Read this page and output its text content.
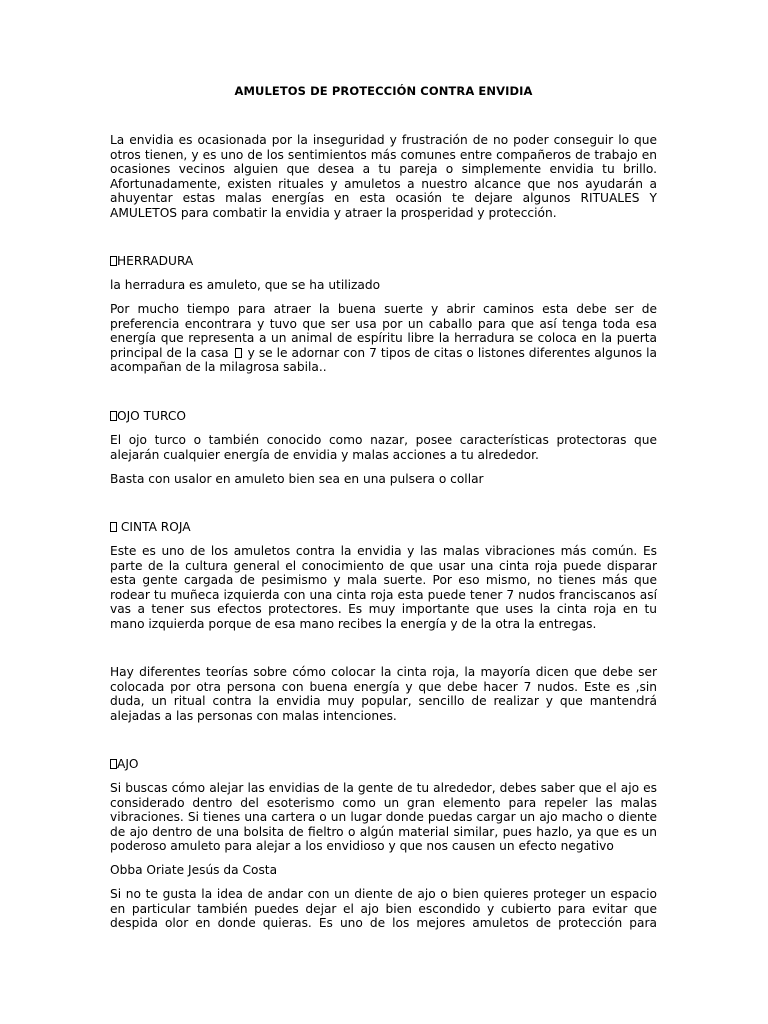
AMULETOS DE PROTECCIÓN CONTRA ENVIDIA

La envidia es ocasionada por la inseguridad y frustración de no poder conseguir lo que otros tienen, y es uno de los sentimientos más comunes entre compañeros de trabajo en ocasiones vecinos alguien que desea a tu pareja o simplemente envidia tu brillo. Afortunadamente, existen rituales y amuletos a nuestro alcance que nos ayudarán a ahuyentar estas malas energías en esta ocasión te dejare algunos RITUALES Y AMULETOS para combatir la envidia y atraer la prosperidad y protección.

HERRADURA

la herradura es amuleto, que se ha utilizado

Por mucho tiempo para atraer la buena suerte y abrir caminos esta debe ser de preferencia encontrara y tuvo que ser usa por un caballo para que así tenga toda esa energía que representa a un animal de espíritu libre la herradura se coloca en la puerta principal de la casa  y se le adornar con 7 tipos de citas o listones diferentes algunos la acompañan de la milagrosa sabila..

OJO TURCO

El ojo turco o también conocido como nazar, posee características protectoras que alejarán cualquier energía de envidia y malas acciones a tu alrededor.

Basta con usalor en amuleto bien sea en una pulsera o collar

CINTA ROJA

Este es uno de los amuletos contra la envidia y las malas vibraciones más común. Es parte de la cultura general el conocimiento de que usar una cinta roja puede disparar esta gente cargada de pesimismo y mala suerte. Por eso mismo, no tienes más que rodear tu muñeca izquierda con una cinta roja esta puede tener 7 nudos franciscanos así vas a tener sus efectos protectores. Es muy importante que uses la cinta roja en tu mano izquierda porque de esa mano recibes la energía y de la otra la entregas.

Hay diferentes teorías sobre cómo colocar la cinta roja, la mayoría dicen que debe ser colocada por otra persona con buena energía y que debe hacer 7 nudos. Este es ,sin duda, un ritual contra la envidia muy popular, sencillo de realizar y que mantendrá alejadas a las personas con malas intenciones.

AJO

Si buscas cómo alejar las envidias de la gente de tu alrededor, debes saber que el ajo es considerado dentro del esoterismo como un gran elemento para repeler las malas vibraciones. Si tienes una cartera o un lugar donde puedas cargar un ajo macho o diente de ajo dentro de una bolsita de fieltro o algún material similar, pues hazlo, ya que es un poderoso amuleto para alejar a los envidioso y que nos causen un efecto negativo

Obba Oriate Jesús da Costa

Si no te gusta la idea de andar con un diente de ajo o bien quieres proteger un espacio en particular también puedes dejar el ajo bien escondido y cubierto para evitar que despida olor en donde quieras. Es uno de los mejores amuletos de protección para
